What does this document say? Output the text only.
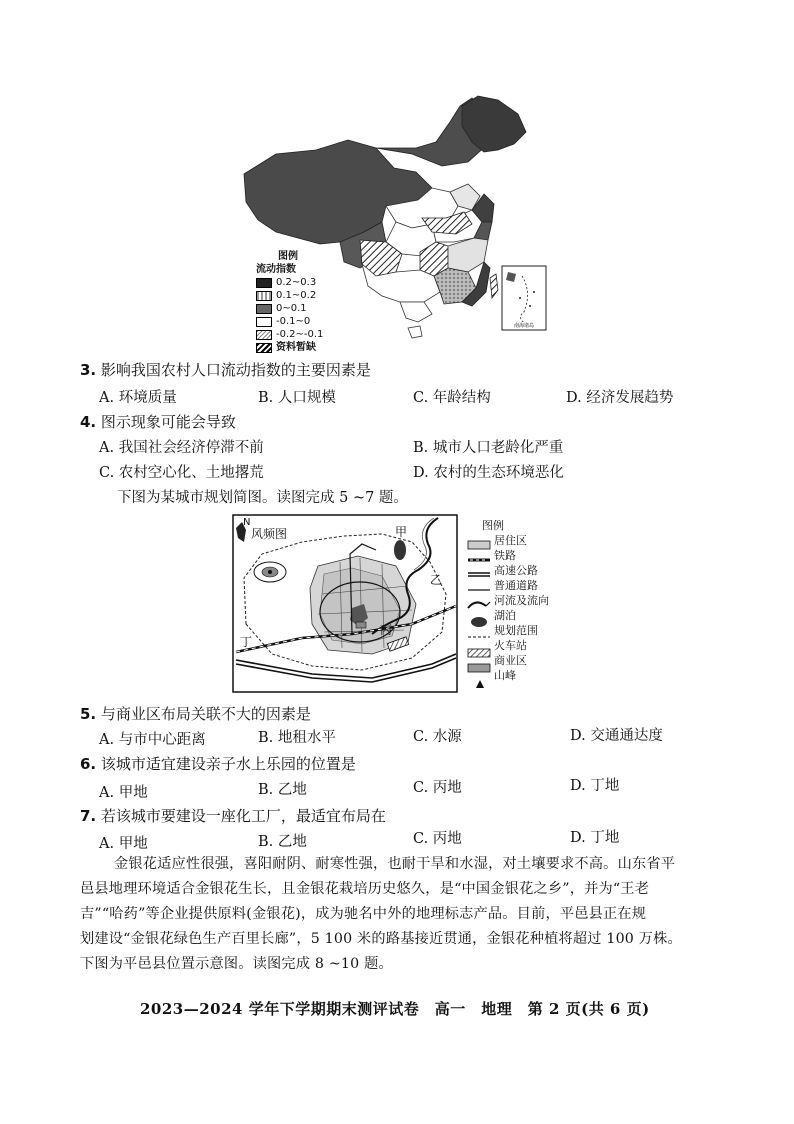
南海诸岛
图例
流动指数
0.2~0.3
0.1~0.2
0~0.1
-0.1~0
-0.2~-0.1
资料暂缺
3. 影响我国农村人口流动指数的主要因素是
A. 环境质量	B. 人口规模	C. 年龄结构	D. 经济发展趋势
4. 图示现象可能会导致
A. 我国社会经济停滞不前	B. 城市人口老龄化严重
C. 农村空心化、土地撂荒	D. 农村的生态环境恶化
下图为某城市规划简图。读图完成 5 ~7 题。
N
风频图	甲
乙
丙
丁
图例
居住区
铁路
高速公路
普通道路
河流及流向
湖泊
规划范围
火车站
商业区
山峰
5. 与商业区布局关联不大的因素是
A. 与市中心距离	B. 地租水平	C. 水源	D. 交通通达度
6. 该城市适宜建设亲子水上乐园的位置是
A. 甲地	B. 乙地	C. 丙地	D. 丁地
7. 若该城市要建设一座化工厂，最适宜布局在
A. 甲地	B. 乙地	C. 丙地	D. 丁地
金银花适应性很强，喜阳耐阴、耐寒性强，也耐干旱和水湿，对土壤要求不高。山东省平
邑县地理环境适合金银花生长，且金银花栽培历史悠久，是“中国金银花之乡”，并为“王老
吉”“哈药”等企业提供原料(金银花)，成为驰名中外的地理标志产品。目前，平邑县正在规
划建设“金银花绿色生产百里长廊”，5 100 米的路基接近贯通，金银花种植将超过 100 万株。
下图为平邑县位置示意图。读图完成 8 ~10 题。
2023—2024 学年下学期期末测评试卷　高一　地理　第 2 页(共 6 页)
